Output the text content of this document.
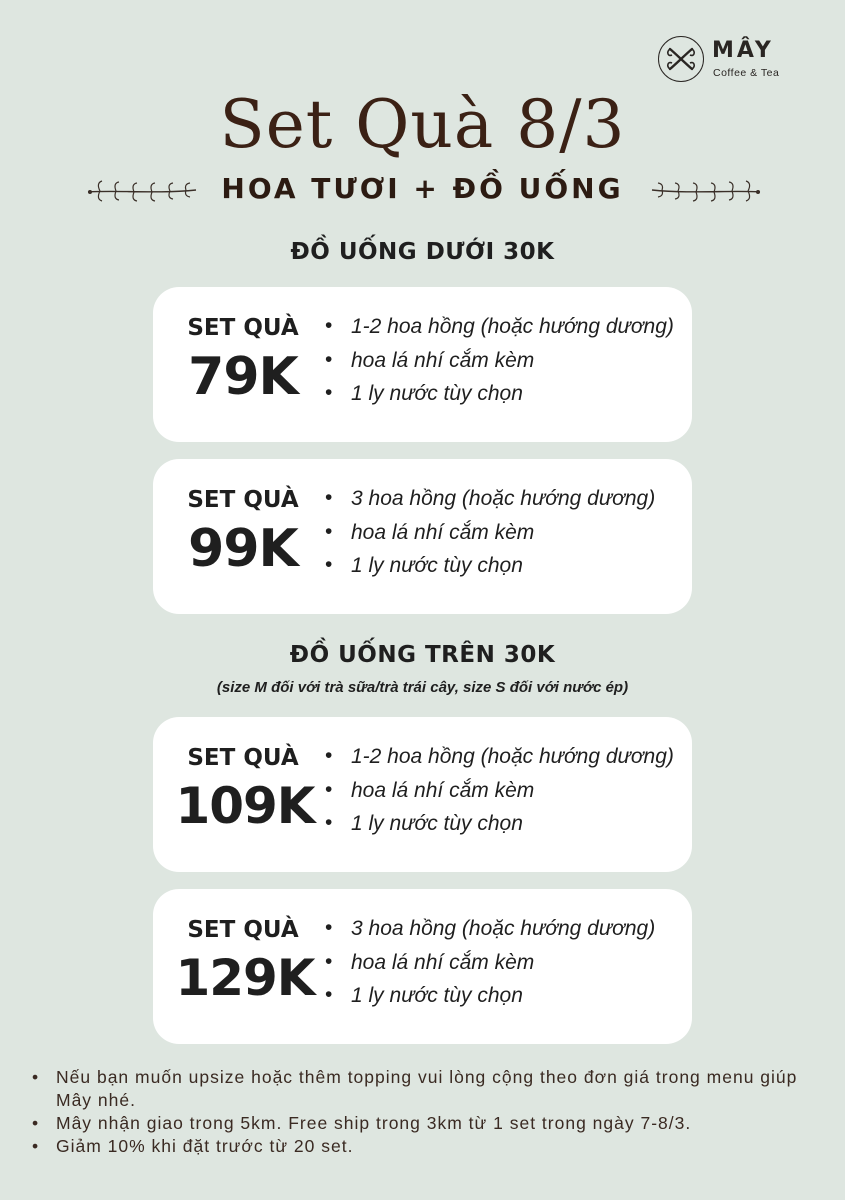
MÂY
Coffee & Tea
Set Quà 8/3
HOA TƯƠI + ĐỒ UỐNG
ĐỒ UỐNG DƯỚI 30K
SET QUÀ
79K
• 1-2 hoa hồng (hoặc hướng dương)
• hoa lá nhí cắm kèm
• 1 ly nước tùy chọn
SET QUÀ
99K
• 3 hoa hồng (hoặc hướng dương)
• hoa lá nhí cắm kèm
• 1 ly nước tùy chọn
ĐỒ UỐNG TRÊN 30K
(size M đối với trà sữa/trà trái cây, size S đối với nước ép)
SET QUÀ
109K
• 1-2 hoa hồng (hoặc hướng dương)
• hoa lá nhí cắm kèm
• 1 ly nước tùy chọn
SET QUÀ
129K
• 3 hoa hồng (hoặc hướng dương)
• hoa lá nhí cắm kèm
• 1 ly nước tùy chọn
• Nếu bạn muốn upsize hoặc thêm topping vui lòng cộng theo đơn giá trong menu giúp Mây nhé.
• Mây nhận giao trong 5km. Free ship trong 3km từ 1 set trong ngày 7-8/3.
• Giảm 10% khi đặt trước từ 20 set.
